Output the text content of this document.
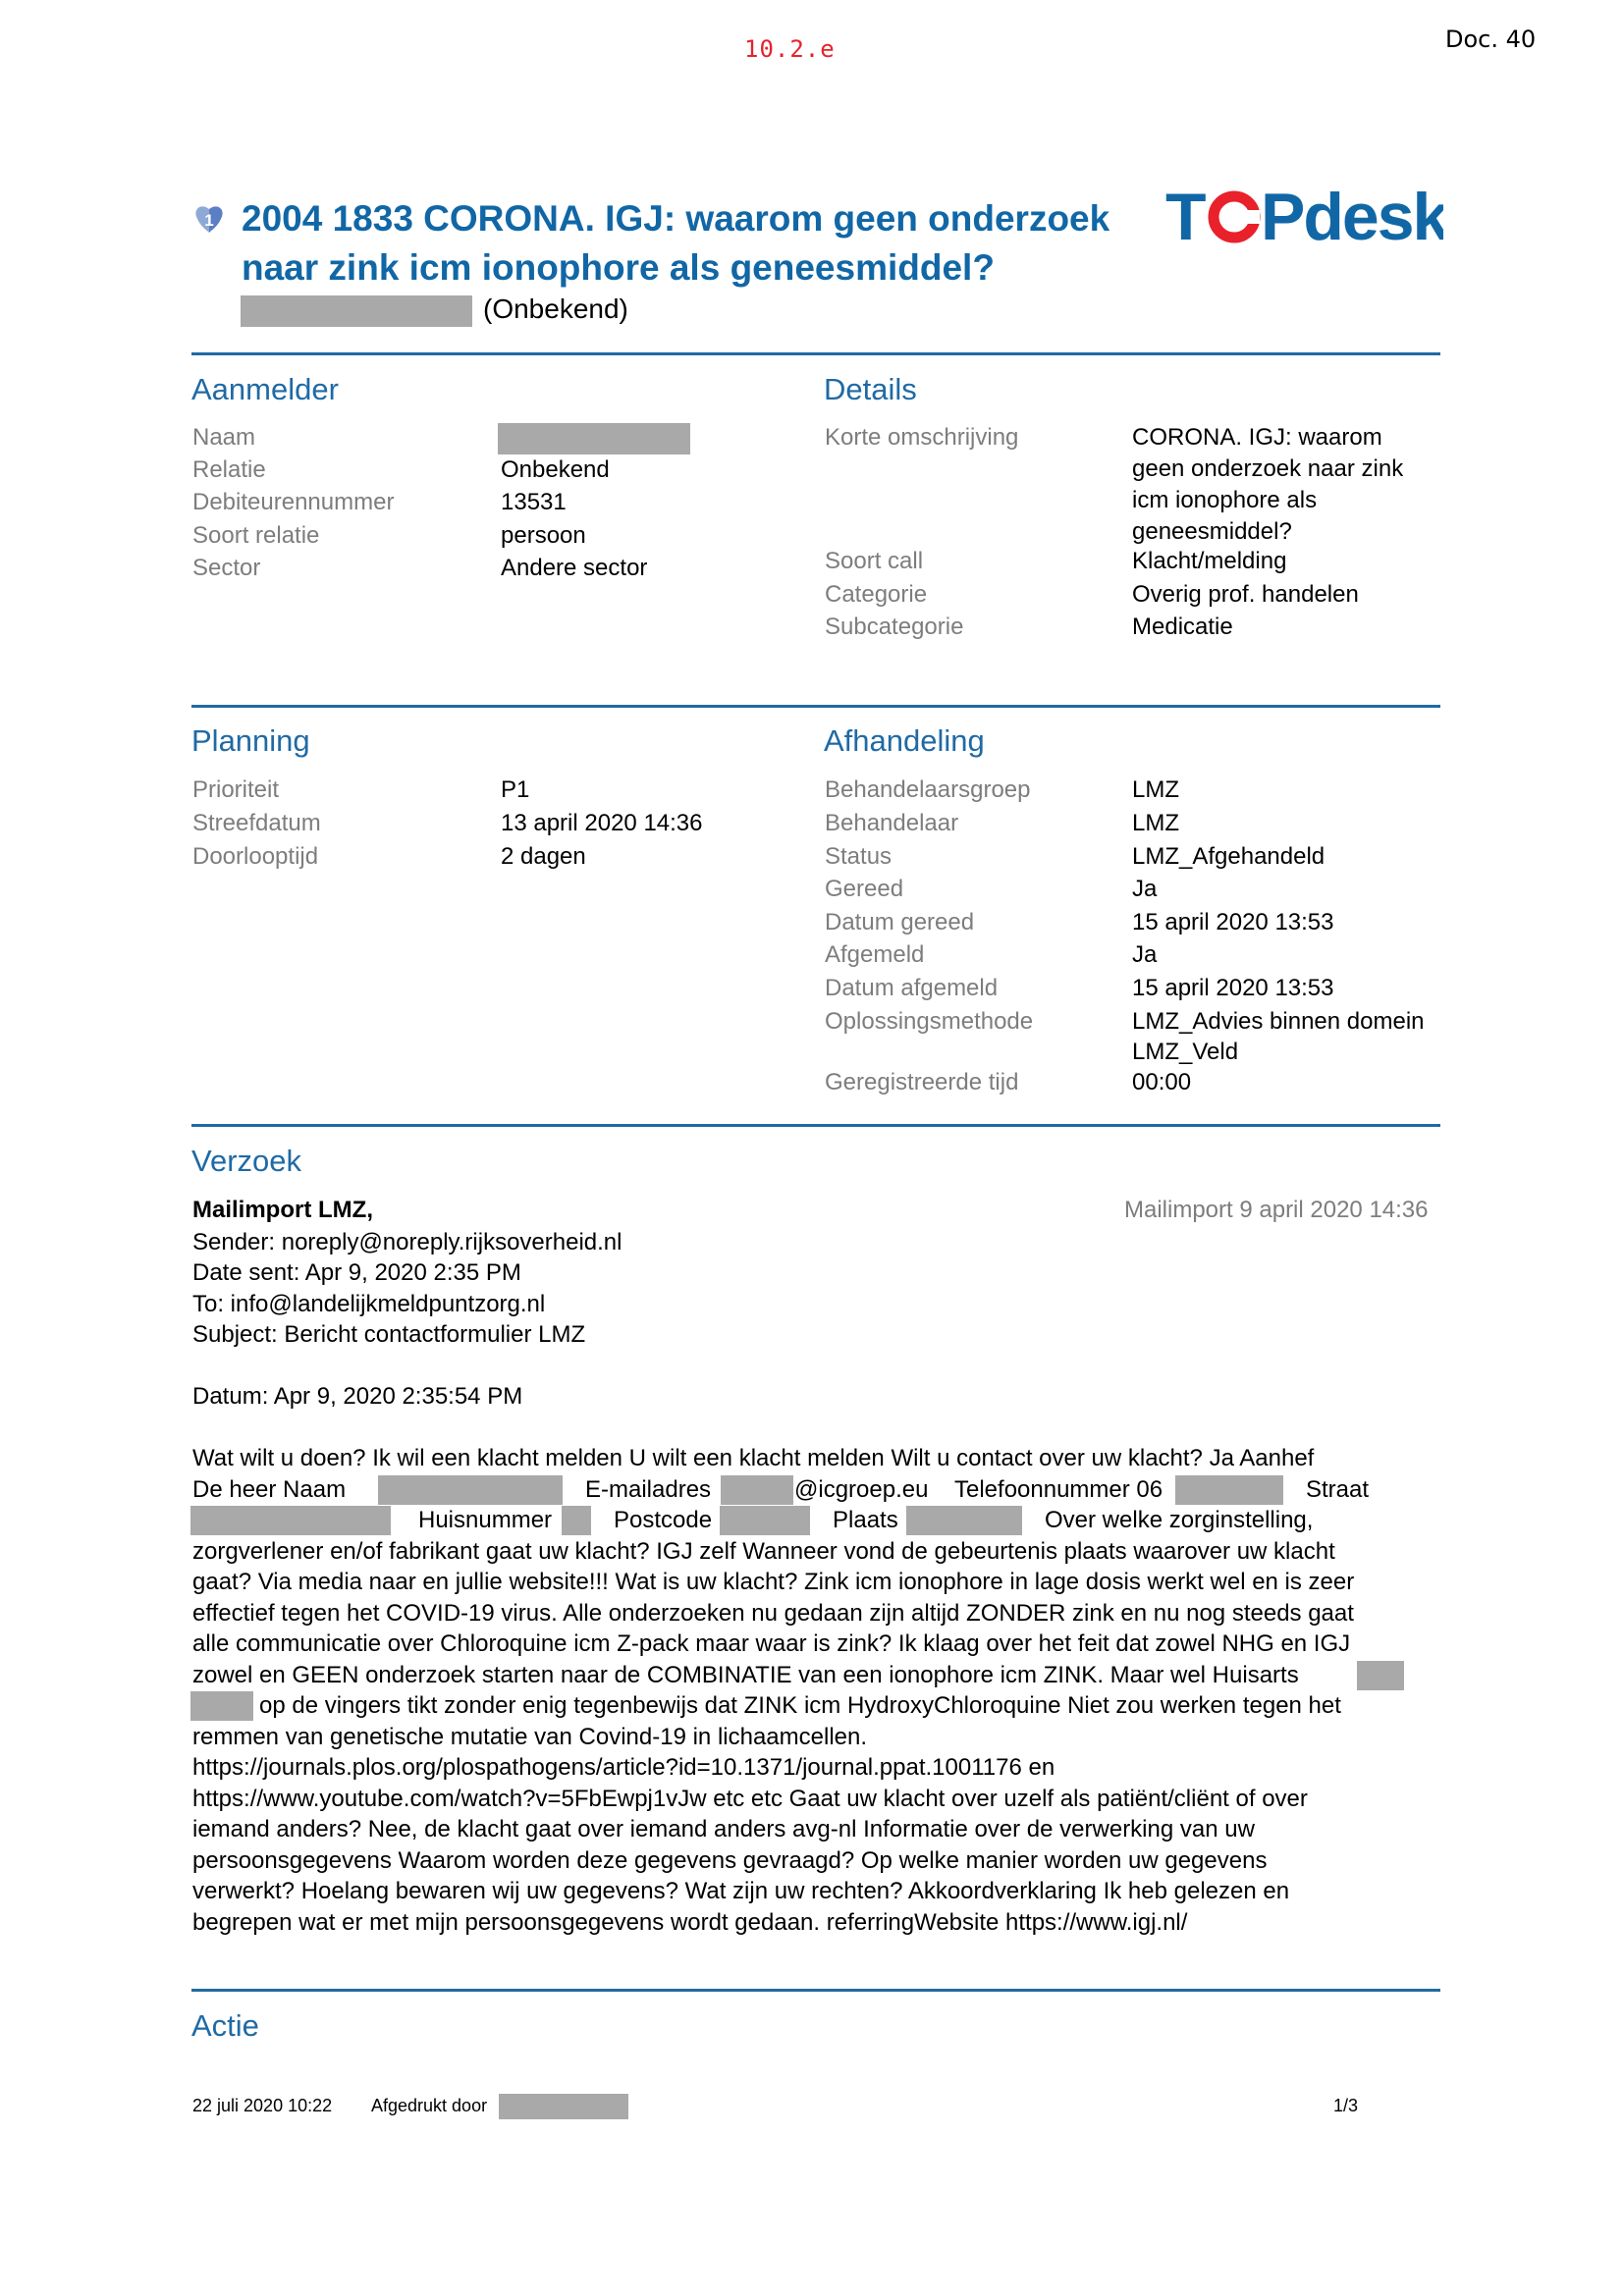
10.2.e	Doc. 40
1 2004 1833 CORONA. IGJ: waarom geen onderzoek
naar zink icm ionophore als geneesmiddel?
(Onbekend)
T Pdesk
Aanmelder
Naam
Relatie	Onbekend
Debiteurennummer	13531
Soort relatie	persoon
Sector	Andere sector
Details
Korte omschrijving	CORONA. IGJ: waarom
geen onderzoek naar zink
icm ionophore als
geneesmiddel?
Soort call	Klacht/melding
Categorie	Overig prof. handelen
Subcategorie	Medicatie
Planning
Prioriteit	P1
Streefdatum	13 april 2020 14:36
Doorlooptijd	2 dagen
Afhandeling
Behandelaarsgroep	LMZ
Behandelaar	LMZ
Status	LMZ_Afgehandeld
Gereed	Ja
Datum gereed	15 april 2020 13:53
Afgemeld	Ja
Datum afgemeld	15 april 2020 13:53
Oplossingsmethode	LMZ_Advies binnen domein
LMZ_Veld
Geregistreerde tijd	00:00
Verzoek
Mailimport LMZ,	Mailimport 9 april 2020 14:36
Sender: noreply@noreply.rijksoverheid.nl
Date sent: Apr 9, 2020 2:35 PM
To: info@landelijkmeldpuntzorg.nl
Subject: Bericht contactformulier LMZ
Datum: Apr 9, 2020 2:35:54 PM
Wat wilt u doen? Ik wil een klacht melden U wilt een klacht melden Wilt u contact over uw klacht? Ja Aanhef
De heer Naam	E-mailadres	@icgroep.eu Telefoonnummer 06	Straat
Huisnummer	Postcode	Plaats	Over welke zorginstelling,
zorgverlener en/of fabrikant gaat uw klacht? IGJ zelf Wanneer vond de gebeurtenis plaats waarover uw klacht
gaat? Via media naar en jullie website!!! Wat is uw klacht? Zink icm ionophore in lage dosis werkt wel en is zeer
effectief tegen het COVID-19 virus. Alle onderzoeken nu gedaan zijn altijd ZONDER zink en nu nog steeds gaat
alle communicatie over Chloroquine icm Z-pack maar waar is zink? Ik klaag over het feit dat zowel NHG en IGJ
zowel en GEEN onderzoek starten naar de COMBINATIE van een ionophore icm ZINK. Maar wel Huisarts
op de vingers tikt zonder enig tegenbewijs dat ZINK icm HydroxyChloroquine Niet zou werken tegen het
remmen van genetische mutatie van Covind-19 in lichaamcellen.
https://journals.plos.org/plospathogens/article?id=10.1371/journal.ppat.1001176 en
https://www.youtube.com/watch?v=5FbEwpj1vJw etc etc Gaat uw klacht over uzelf als patiënt/cliënt of over
iemand anders? Nee, de klacht gaat over iemand anders avg-nl Informatie over de verwerking van uw
persoonsgegevens Waarom worden deze gegevens gevraagd? Op welke manier worden uw gegevens
verwerkt? Hoelang bewaren wij uw gegevens? Wat zijn uw rechten? Akkoordverklaring Ik heb gelezen en
begrepen wat er met mijn persoonsgegevens wordt gedaan. referringWebsite https://www.igj.nl/
Actie
22 juli 2020 10:22 Afgedrukt door	1/3
